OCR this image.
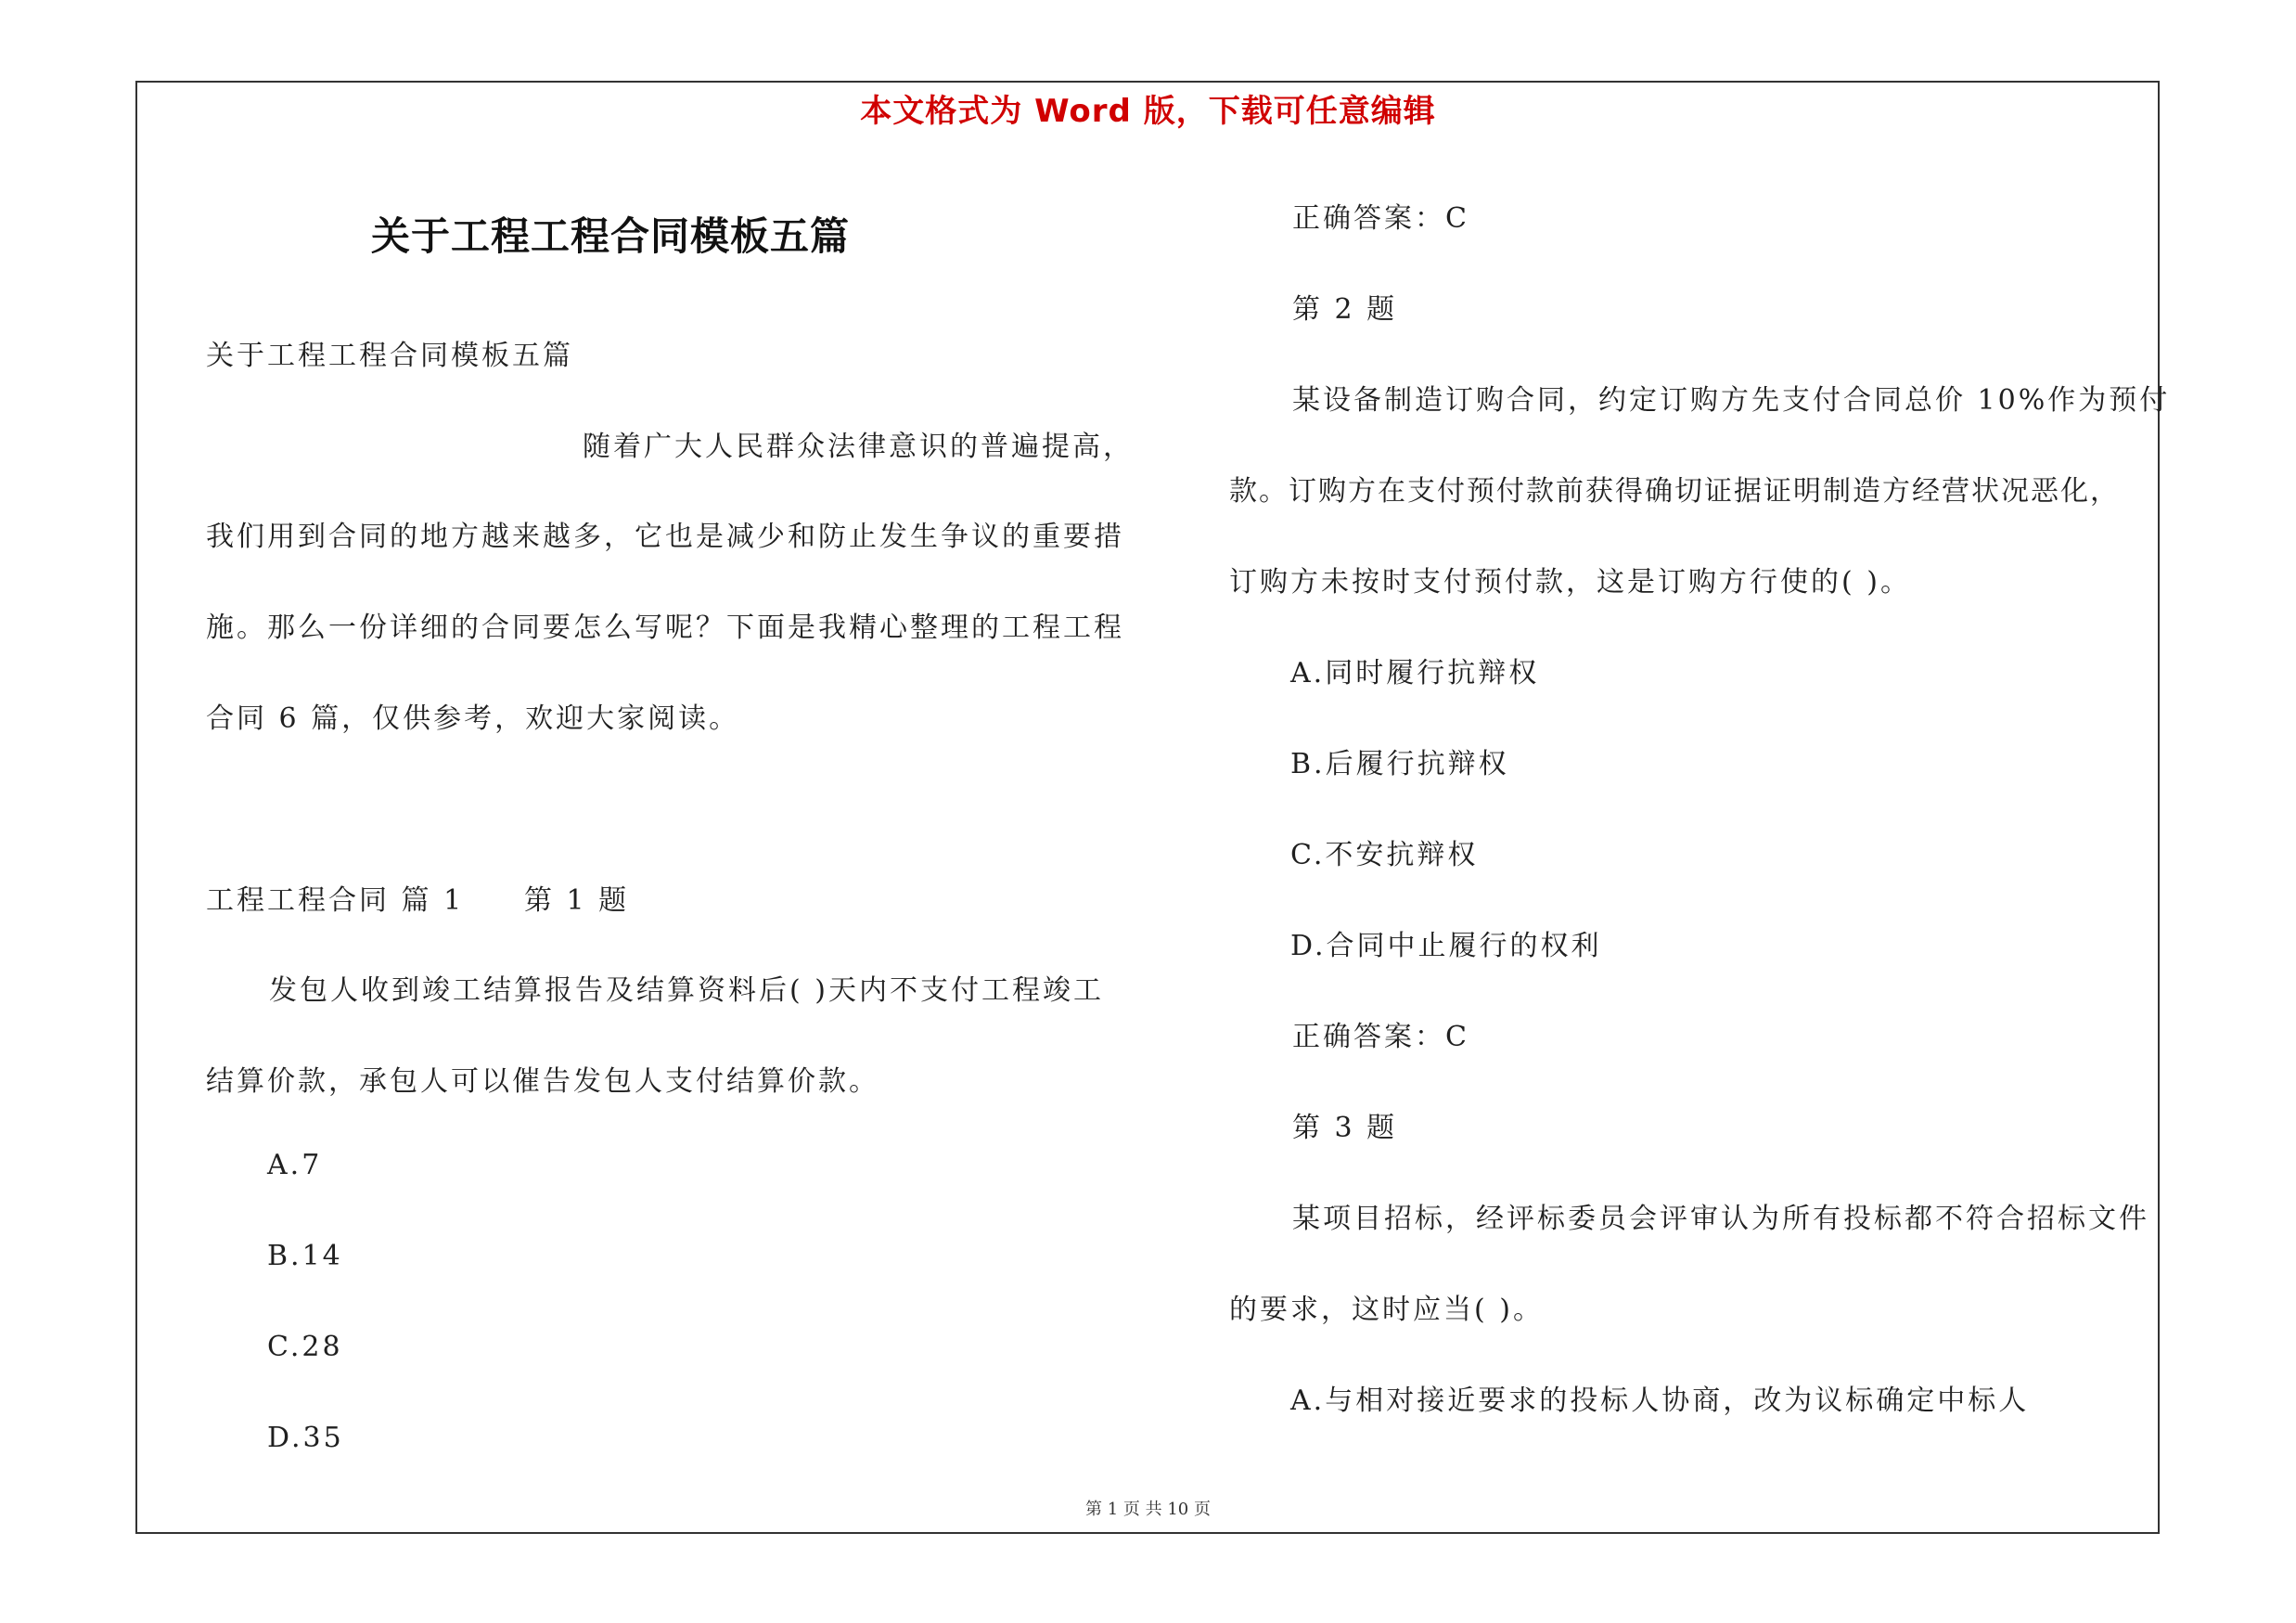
本文格式为 Word 版，下载可任意编辑
关于工程工程合同模板五篇
关于工程工程合同模板五篇
随着广大人民群众法律意识的普遍提高，
我们用到合同的地方越来越多，它也是减少和防止发生争议的重要措
施。那么一份详细的合同要怎么写呢？下面是我精心整理的工程工程
合同 6 篇，仅供参考，欢迎大家阅读。
工程工程合同 篇 1 第 1 题
发包人收到竣工结算报告及结算资料后( )天内不支付工程竣工
结算价款，承包人可以催告发包人支付结算价款。
A.7
B.14
C.28
D.35
正确答案：C
第 2 题
某设备制造订购合同，约定订购方先支付合同总价 10%作为预付
款。订购方在支付预付款前获得确切证据证明制造方经营状况恶化，
订购方未按时支付预付款，这是订购方行使的( )。
A.同时履行抗辩权
B.后履行抗辩权
C.不安抗辩权
D.合同中止履行的权利
正确答案：C
第 3 题
某项目招标，经评标委员会评审认为所有投标都不符合招标文件
的要求，这时应当( )。
A.与相对接近要求的投标人协商，改为议标确定中标人
第 1 页 共 10 页
